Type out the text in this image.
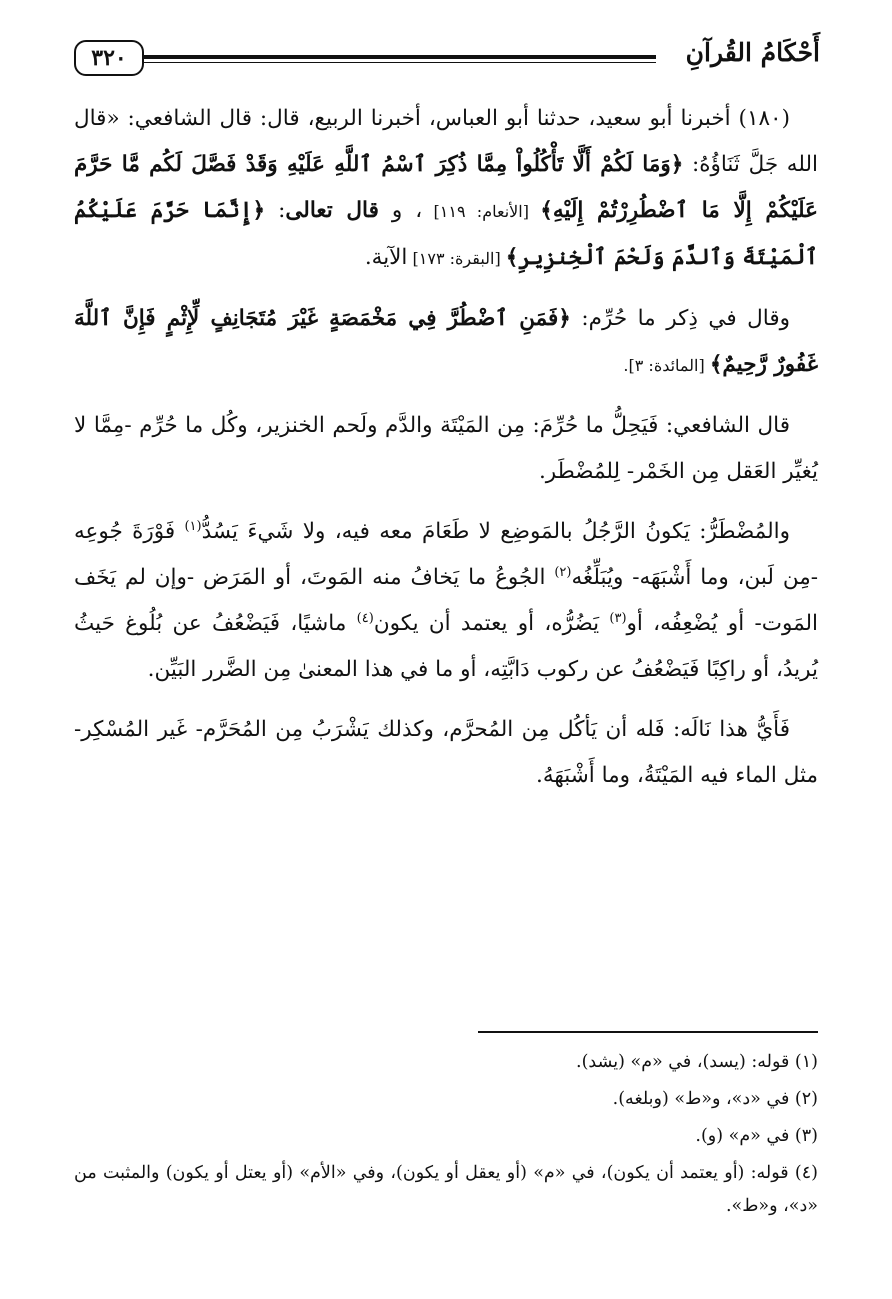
٣٢٠	أَحْكَامُ القُرآنِ

(١٨٠) أخبرنا أبو سعيد، حدثنا أبو العباس، أخبرنا الربيع، قال: قال الشافعي: «قال الله جَلَّ ثَنَاؤُهُ: ﴿وَمَا لَكُمْ أَلَّا تَأْكُلُواْ مِمَّا ذُكِرَ ٱسْمُ ٱللَّهِ عَلَيْهِ وَقَدْ فَصَّلَ لَكُم مَّا حَرَّمَ عَلَيْكُمْ إِلَّا مَا ٱضْطُرِرْتُمْ إِلَيْهِ﴾ [الأنعام: ١١٩] ، و قال تعالى: ﴿إِنَّمَا حَرَّمَ عَلَيْكُمُ ٱلْمَيْتَةَ وَٱلدَّمَ وَلَحْمَ ٱلْخِنزِيرِ﴾ [البقرة: ١٧٣] الآية.

وقال في ذِكر ما حُرِّم: ﴿فَمَنِ ٱضْطُرَّ فِي مَخْمَصَةٍ غَيْرَ مُتَجَانِفٍ لِّإِثْمٍ فَإِنَّ ٱللَّهَ غَفُورٌ رَّحِيمٌ﴾ [المائدة: ٣].

قال الشافعي: فَيَحِلُّ ما حُرِّمَ: مِن المَيْتَة والدَّم ولَحم الخنزير، وكُل ما حُرِّم -مِمَّا لا يُغيِّر العَقل مِن الخَمْر- لِلمُضْطَر.

والمُضْطَرُّ: يَكونُ الرَّجُلُ بالمَوضِع لا طَعَامَ معه فيه، ولا شَيءَ يَسُدُّ$^{(١)}$ فَوْرَةَ جُوعِه -مِن لَبن، وما أَشْبَهَه- ويُبَلِّغُه$^{(٢)}$ الجُوعُ ما يَخافُ منه المَوتَ، أو المَرَض -وإن لم يَخَف المَوت- أو يُضْعِفُه، أو$^{(٣)}$ يَضُرُّه، أو يعتمد أن يكون$^{(٤)}$ ماشيًا، فَيَضْعُفُ عن بُلُوغ حَيثُ يُريدُ، أو راكِبًا فَيَضْعُفُ عن ركوب دَابَّتِه، أو ما في هذا المعنىٰ مِن الضَّرر البَيِّن.

فَأَيُّ هذا نَالَه: فَله أن يَأكُل مِن المُحرَّم، وكذلك يَشْرَبُ مِن المُحَرَّم- غَير المُسْكِر- مثل الماء فيه المَيْتَةُ، وما أَشْبَهَهُ.

(١) قوله: (يسد)، في «م» (يشد).
(٢) في «د»، و«ط» (وبلغه).
(٣) في «م» (و).
(٤) قوله: (أو يعتمد أن يكون)، في «م» (أو يعقل أو يكون)، وفي «الأم» (أو يعتل أو يكون) والمثبت من «د»، و«ط».
